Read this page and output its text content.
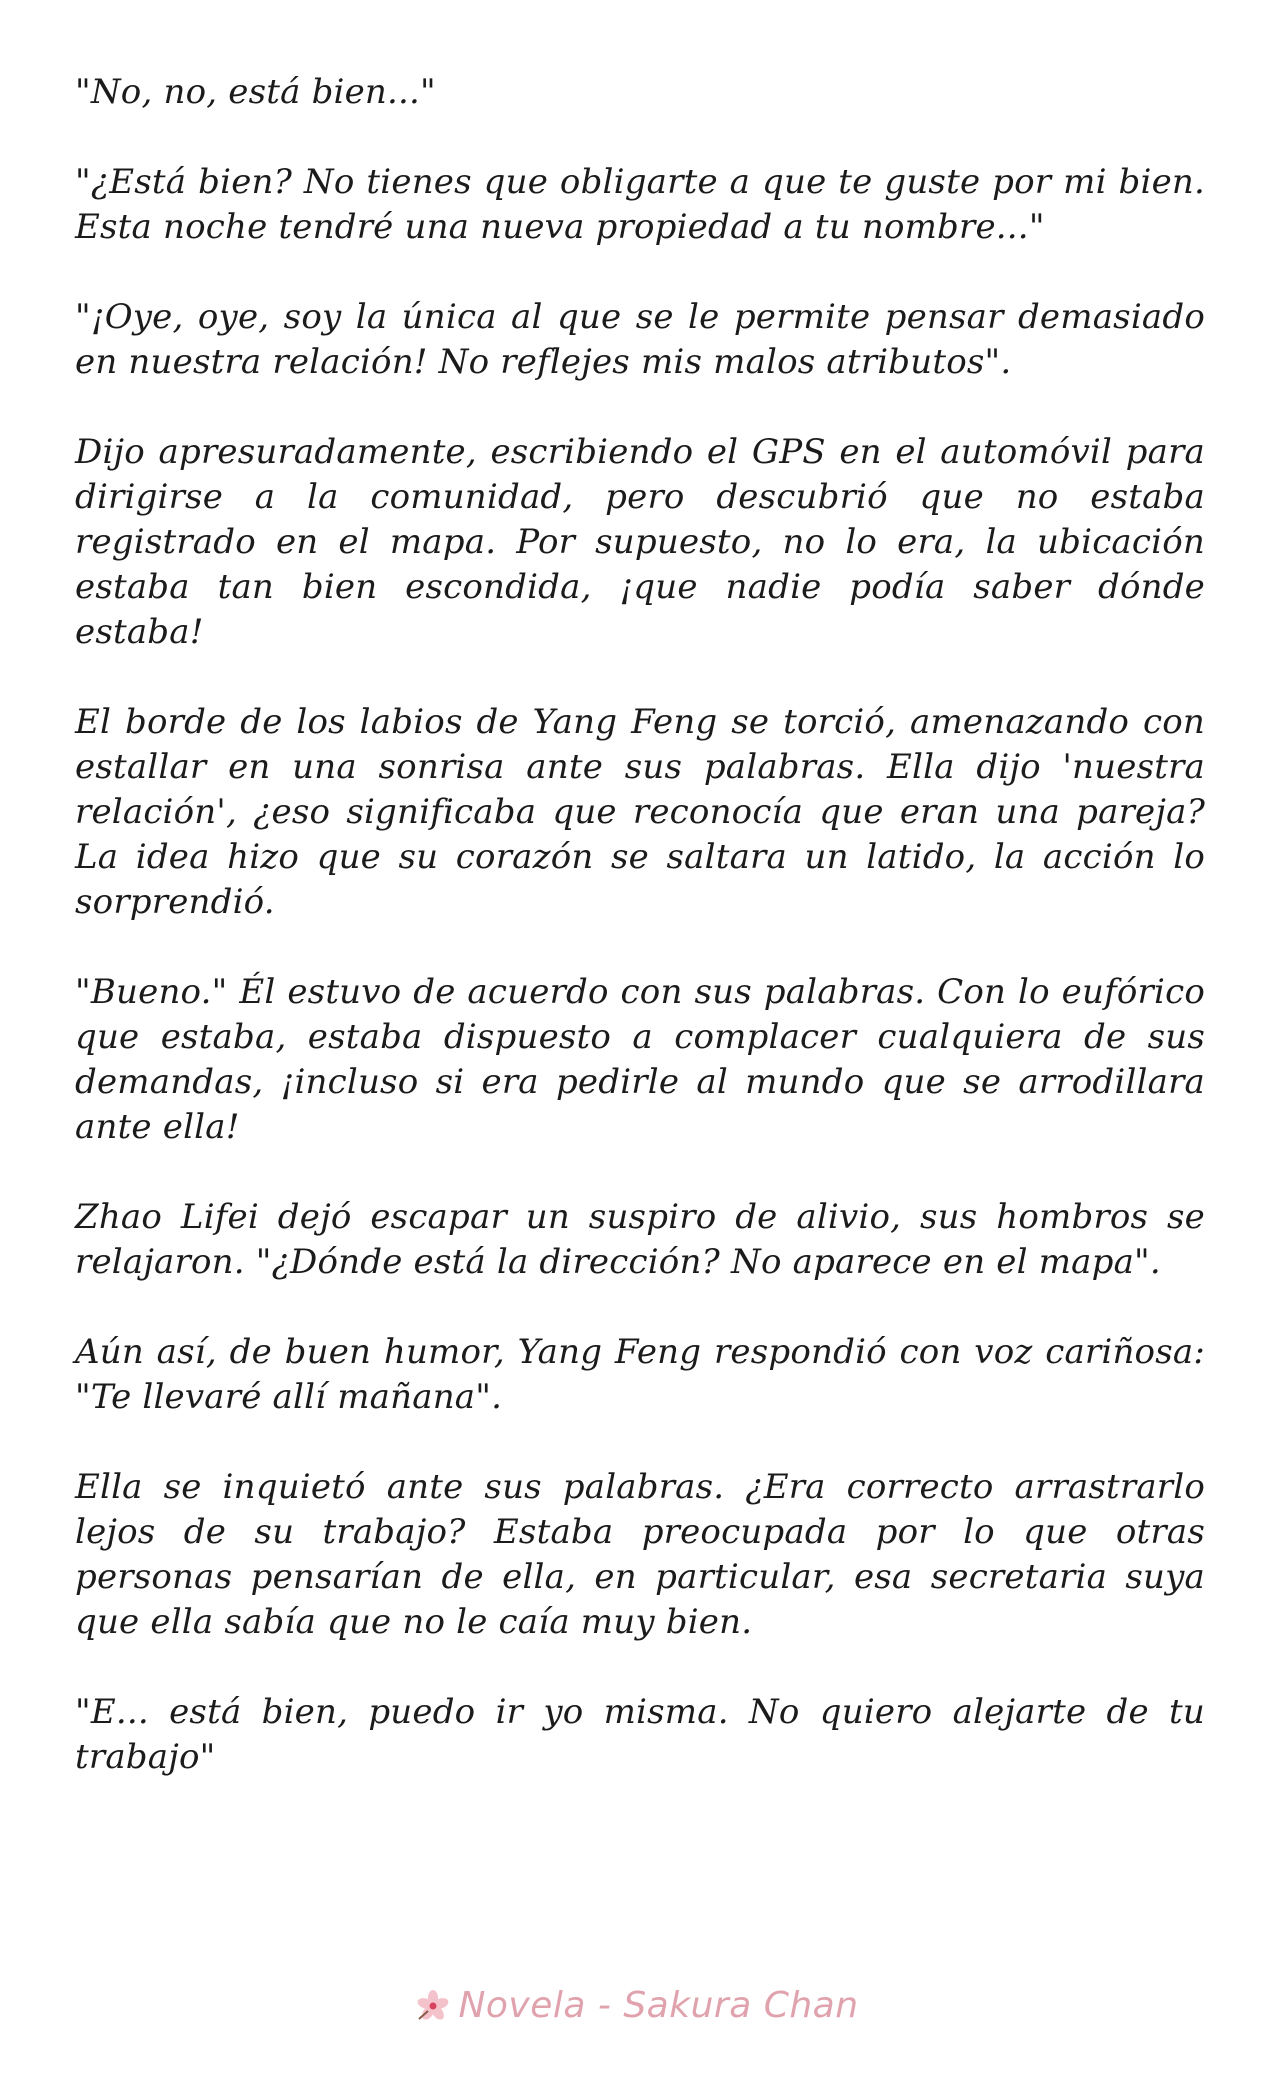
"No, no, está bien..."

"¿Está bien? No tienes que obligarte a que te guste por mi bien. Esta noche tendré una nueva propiedad a tu nombre..."

"¡Oye, oye, soy la única al que se le permite pensar demasiado en nuestra relación! No reflejes mis malos atributos".

Dijo apresuradamente, escribiendo el GPS en el automóvil para dirigirse a la comunidad, pero descubrió que no estaba registrado en el mapa. Por supuesto, no lo era, la ubicación estaba tan bien escondida, ¡que nadie podía saber dónde estaba!

El borde de los labios de Yang Feng se torció, amenazando con estallar en una sonrisa ante sus palabras. Ella dijo 'nuestra relación', ¿eso significaba que reconocía que eran una pareja? La idea hizo que su corazón se saltara un latido, la acción lo sorprendió.

"Bueno." Él estuvo de acuerdo con sus palabras. Con lo eufórico que estaba, estaba dispuesto a complacer cualquiera de sus demandas, ¡incluso si era pedirle al mundo que se arrodillara ante ella!

Zhao Lifei dejó escapar un suspiro de alivio, sus hombros se relajaron. "¿Dónde está la dirección? No aparece en el mapa".

Aún así, de buen humor, Yang Feng respondió con voz cariñosa: "Te llevaré allí mañana".

Ella se inquietó ante sus palabras. ¿Era correcto arrastrarlo lejos de su trabajo? Estaba preocupada por lo que otras personas pensarían de ella, en particular, esa secretaria suya que ella sabía que no le caía muy bien.

"E... está bien, puedo ir yo misma. No quiero alejarte de tu trabajo"

Novela - Sakura Chan
